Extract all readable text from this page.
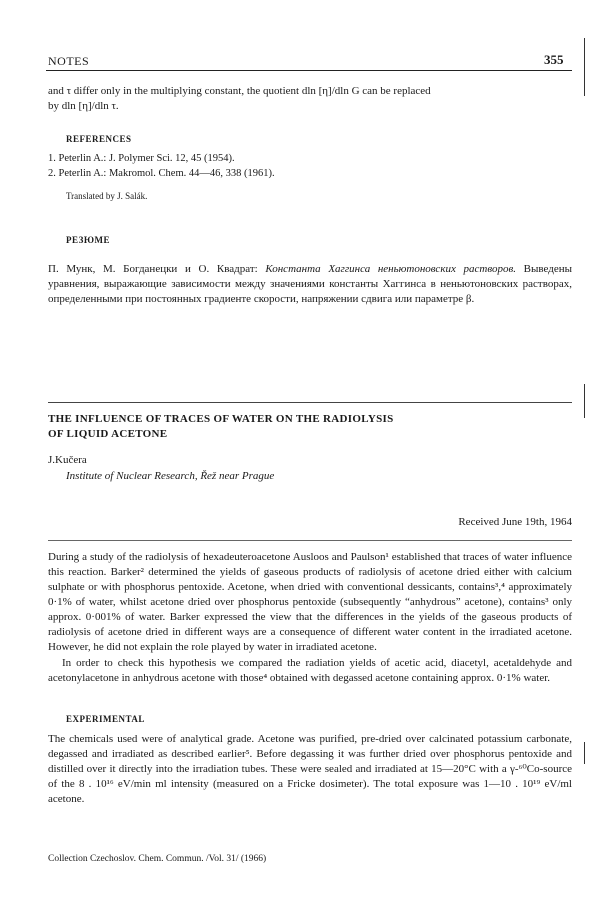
NOTES	355
and τ differ only in the multiplying constant, the quotient dln [η]/dln G can be replaced
by dln [η]/dln τ.
REFERENCES
1. Peterlin A.: J. Polymer Sci. 12, 45 (1954).
2. Peterlin A.: Makromol. Chem. 44—46, 338 (1961).
Translated by J. Salák.
РЕЗЮМЕ
П. Мунк, М. Богданецки и О. Квадрат: Константа Хаггинса неньютоновских растворов. Выведены уравнения, выражающие зависимости между значениями константы Хаггинса в неньютоновских растворах, определенными при постоянных градиенте скорости, напряжении сдвига или параметре β.
THE INFLUENCE OF TRACES OF WATER ON THE RADIOLYSIS
OF LIQUID ACETONE
J.Kučera
Institute of Nuclear Research, Řež near Prague
Received June 19th, 1964
During a study of the radiolysis of hexadeuteroacetone Ausloos and Paulson¹ established that traces of water influence this reaction. Barker² determined the yields of gaseous products of radiolysis of acetone dried either with calcium sulphate or with phosphorus pentoxide. Acetone, when dried with conventional dessicants, contains³,⁴ approximately 0·1% of water, whilst acetone dried over phosphorus pentoxide (subsequently “anhydrous” acetone), contains³ only approx. 0·001% of water. Barker expressed the view that the differences in the yields of the gaseous products of radiolysis of acetone dried in different ways are a consequence of different water content in the irradiated acetone. However, he did not explain the role played by water in irradiated acetone.
In order to check this hypothesis we compared the radiation yields of acetic acid, diacetyl, acetaldehyde and acetonylacetone in anhydrous acetone with those⁴ obtained with degassed acetone containing approx. 0·1% water.
EXPERIMENTAL
The chemicals used were of analytical grade. Acetone was purified, pre-dried over calcinated potassium carbonate, degassed and irradiated as described earlier⁵. Before degassing it was further dried over phosphorus pentoxide and distilled over it directly into the irradiation tubes. These were sealed and irradiated at 15—20°C with a γ-⁶⁰Co-source of the 8 . 10¹⁶ eV/min ml intensity (measured on a Fricke dosimeter). The total exposure was 1—10 . 10¹⁹ eV/ml acetone.
Collection Czechoslov. Chem. Commun. /Vol. 31/ (1966)
